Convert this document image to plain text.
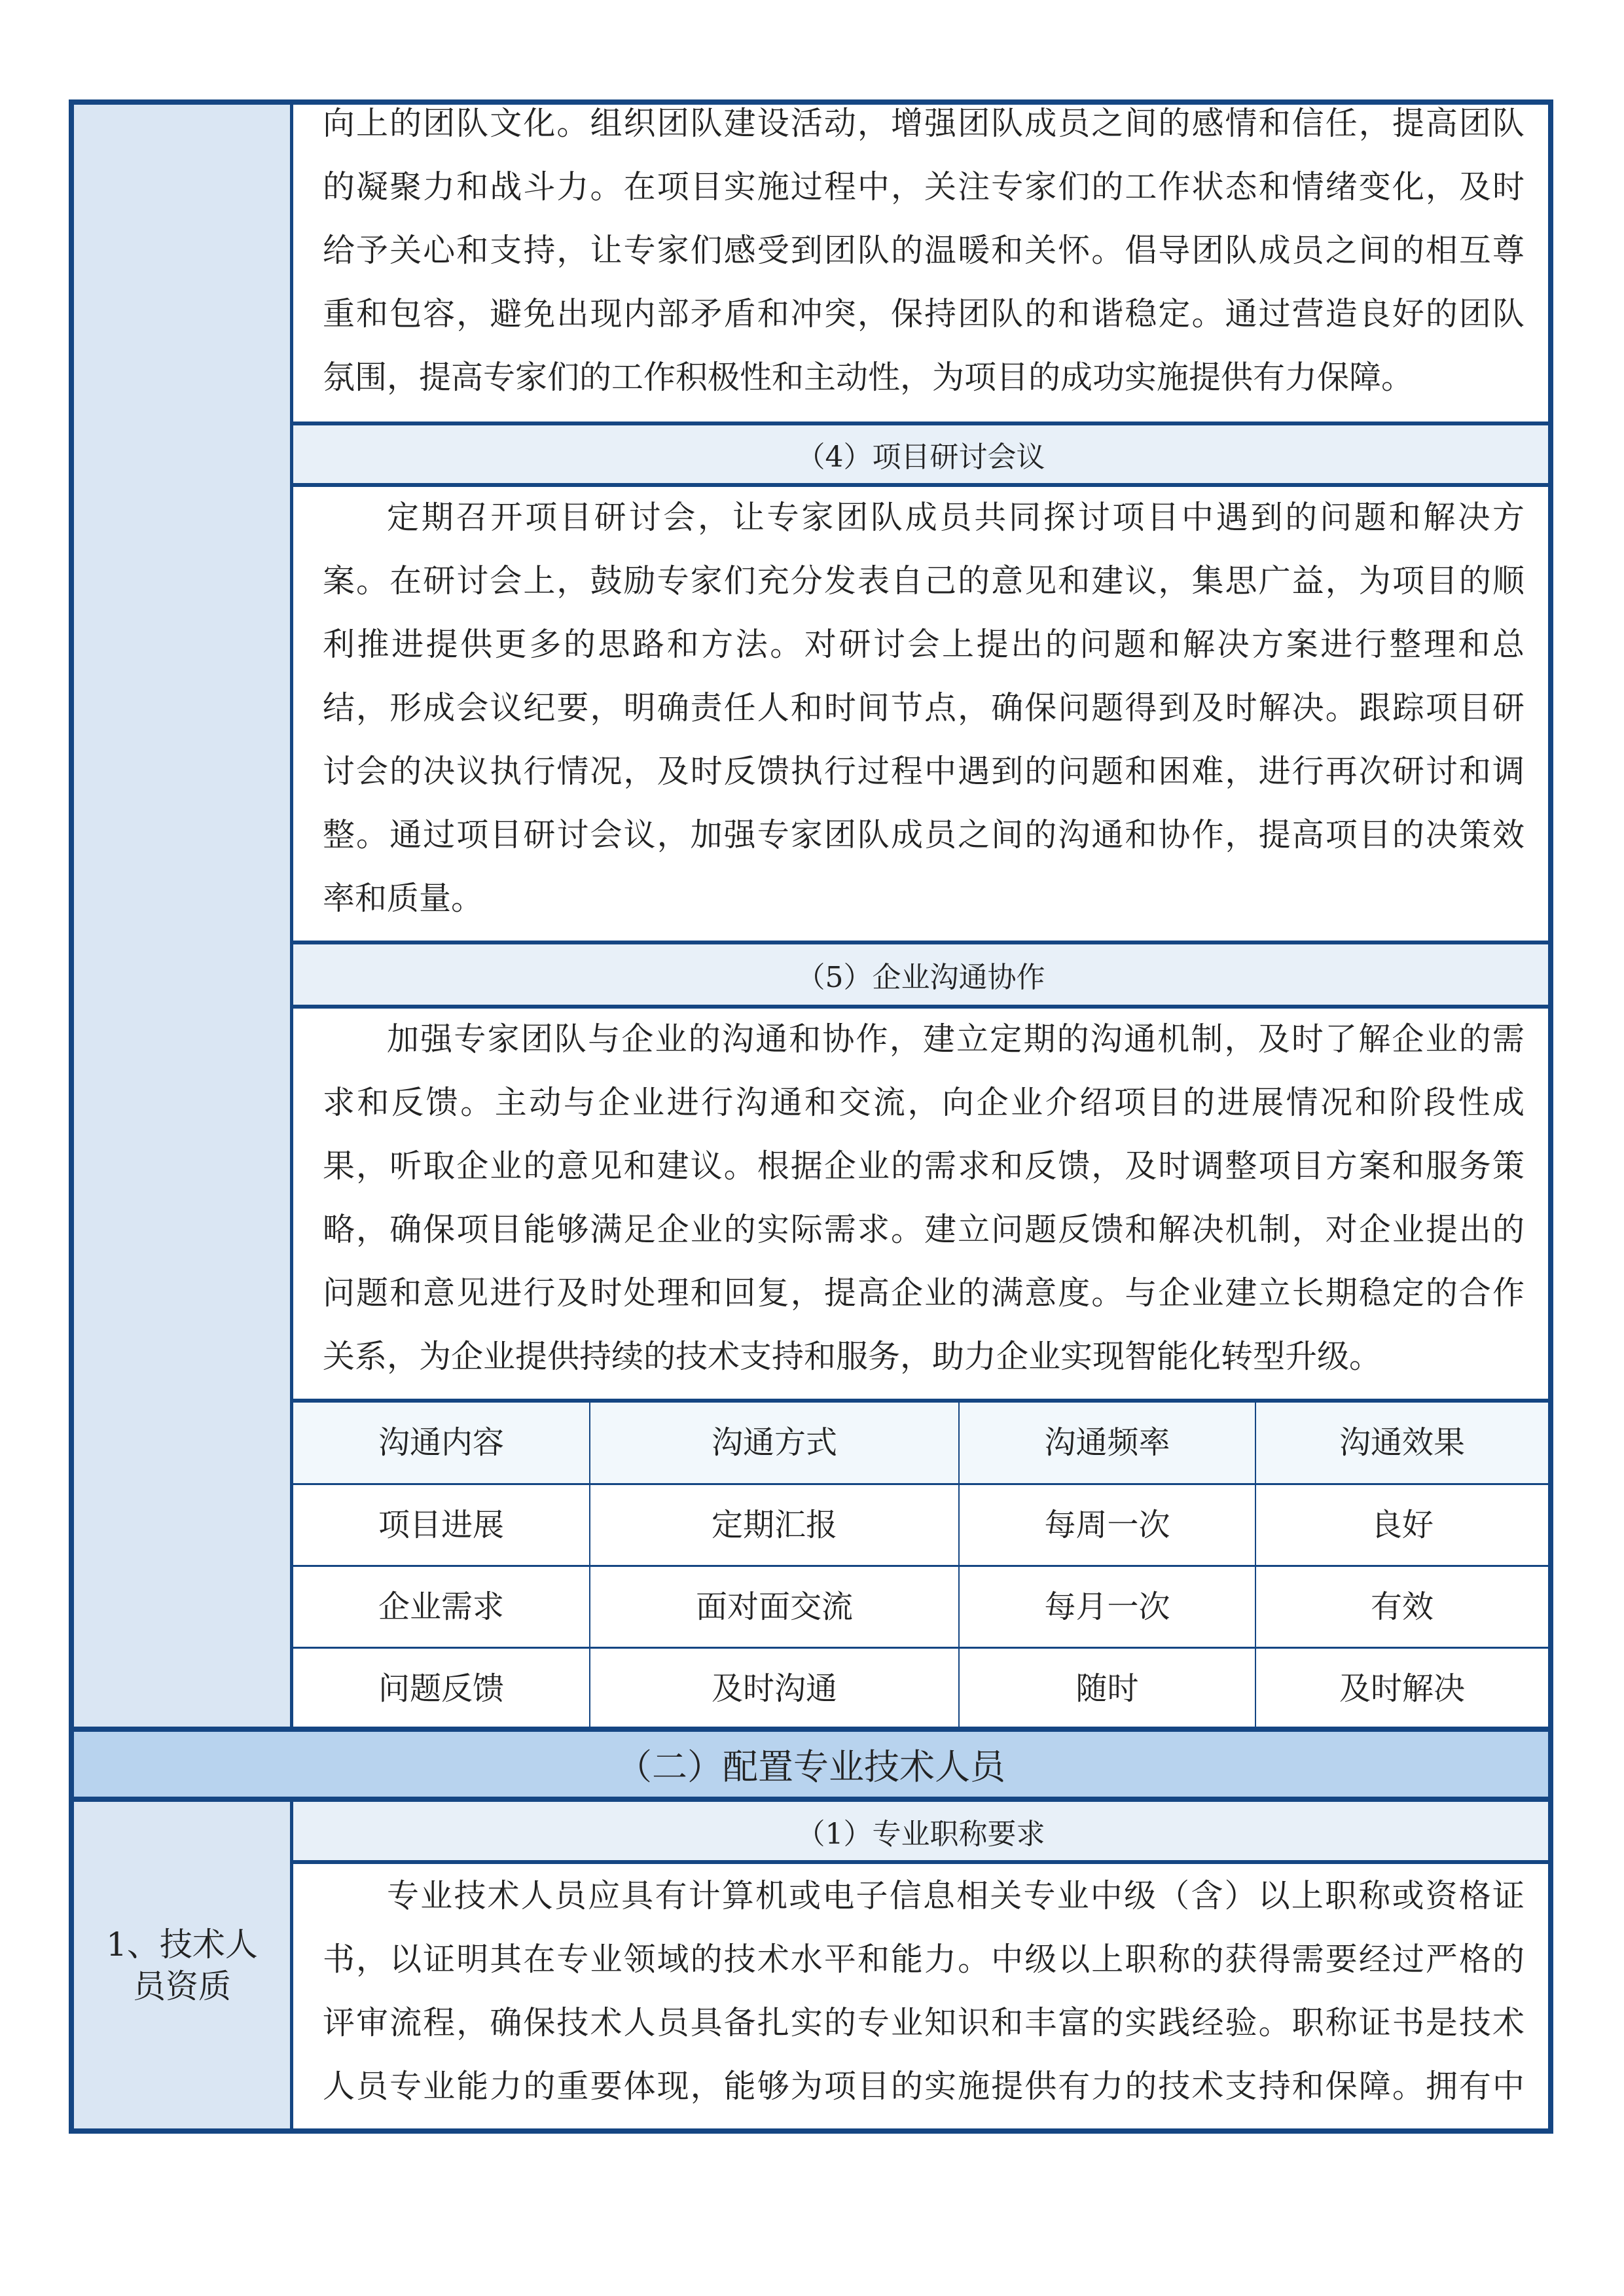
向上的团队文化。组织团队建设活动，增强团队成员之间的感情和信任，提高团队
的凝聚力和战斗力。在项目实施过程中，关注专家们的工作状态和情绪变化，及时
给予关心和支持，让专家们感受到团队的温暖和关怀。倡导团队成员之间的相互尊
重和包容，避免出现内部矛盾和冲突，保持团队的和谐稳定。通过营造良好的团队
氛围，提高专家们的工作积极性和主动性，为项目的成功实施提供有力保障。
（4）项目研讨会议
定期召开项目研讨会，让专家团队成员共同探讨项目中遇到的问题和解决方
案。在研讨会上，鼓励专家们充分发表自己的意见和建议，集思广益，为项目的顺
利推进提供更多的思路和方法。对研讨会上提出的问题和解决方案进行整理和总
结，形成会议纪要，明确责任人和时间节点，确保问题得到及时解决。跟踪项目研
讨会的决议执行情况，及时反馈执行过程中遇到的问题和困难，进行再次研讨和调
整。通过项目研讨会议，加强专家团队成员之间的沟通和协作，提高项目的决策效
率和质量。
（5）企业沟通协作
加强专家团队与企业的沟通和协作，建立定期的沟通机制，及时了解企业的需
求和反馈。主动与企业进行沟通和交流，向企业介绍项目的进展情况和阶段性成
果，听取企业的意见和建议。根据企业的需求和反馈，及时调整项目方案和服务策
略，确保项目能够满足企业的实际需求。建立问题反馈和解决机制，对企业提出的
问题和意见进行及时处理和回复，提高企业的满意度。与企业建立长期稳定的合作
关系，为企业提供持续的技术支持和服务，助力企业实现智能化转型升级。
沟通内容	沟通方式	沟通频率	沟通效果
项目进展	定期汇报	每周一次	良好
企业需求	面对面交流	每月一次	有效
问题反馈	及时沟通	随时	及时解决
（二）配置专业技术人员
1、技术人员资质
（1）专业职称要求
专业技术人员应具有计算机或电子信息相关专业中级（含）以上职称或资格证
书，以证明其在专业领域的技术水平和能力。中级以上职称的获得需要经过严格的
评审流程，确保技术人员具备扎实的专业知识和丰富的实践经验。职称证书是技术
人员专业能力的重要体现，能够为项目的实施提供有力的技术支持和保障。拥有中
